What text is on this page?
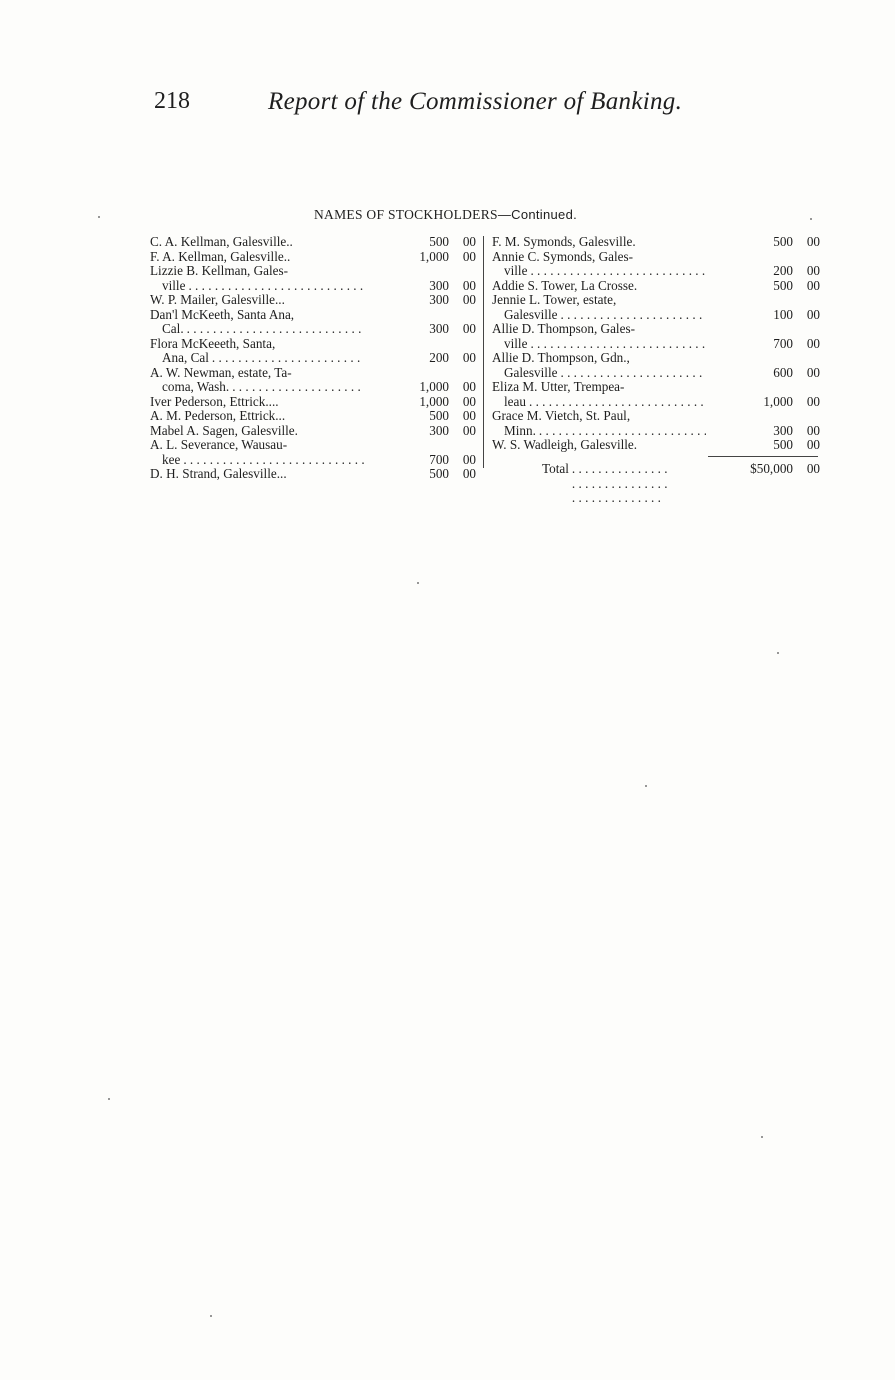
218	Report of the Commissioner of Banking.
NAMES OF STOCKHOLDERS—Continued.
C. A. Kellman, Galesville..	500	00
F. A. Kellman, Galesville..	1,000	00
Lizzie B. Kellman, Gales-
ville . . .	300	00
W. P. Mailer, Galesville...	300	00
Dan'l McKeeth, Santa Ana,
Cal. . . .	300	00
Flora McKeeeth, Santa,
Ana, Cal . . .	200	00
A. W. Newman, estate, Ta-
coma, Wash. . . .	1,000	00
Iver Pederson, Ettrick....	1,000	00
A. M. Pederson, Ettrick...	500	00
Mabel A. Sagen, Galesville.	300	00
A. L. Severance, Wausau-
kee . . .	700	00
D. H. Strand, Galesville...	500	00
F. M. Symonds, Galesville.	500	00
Annie C. Symonds, Gales-
ville . . .	200	00
Addie S. Tower, La Crosse.	500	00
Jennie L. Tower, estate,
Galesville . . .	100	00
Allie D. Thompson, Gales-
ville . . .	700	00
Allie D. Thompson, Gdn.,
Galesville . . .	600	00
Eliza M. Utter, Trempea-
leau . . .	1,000	00
Grace M. Vietch, St. Paul,
Minn. . . .	300	00
W. S. Wadleigh, Galesville.	500	00
Total . . .	$50,000	00
